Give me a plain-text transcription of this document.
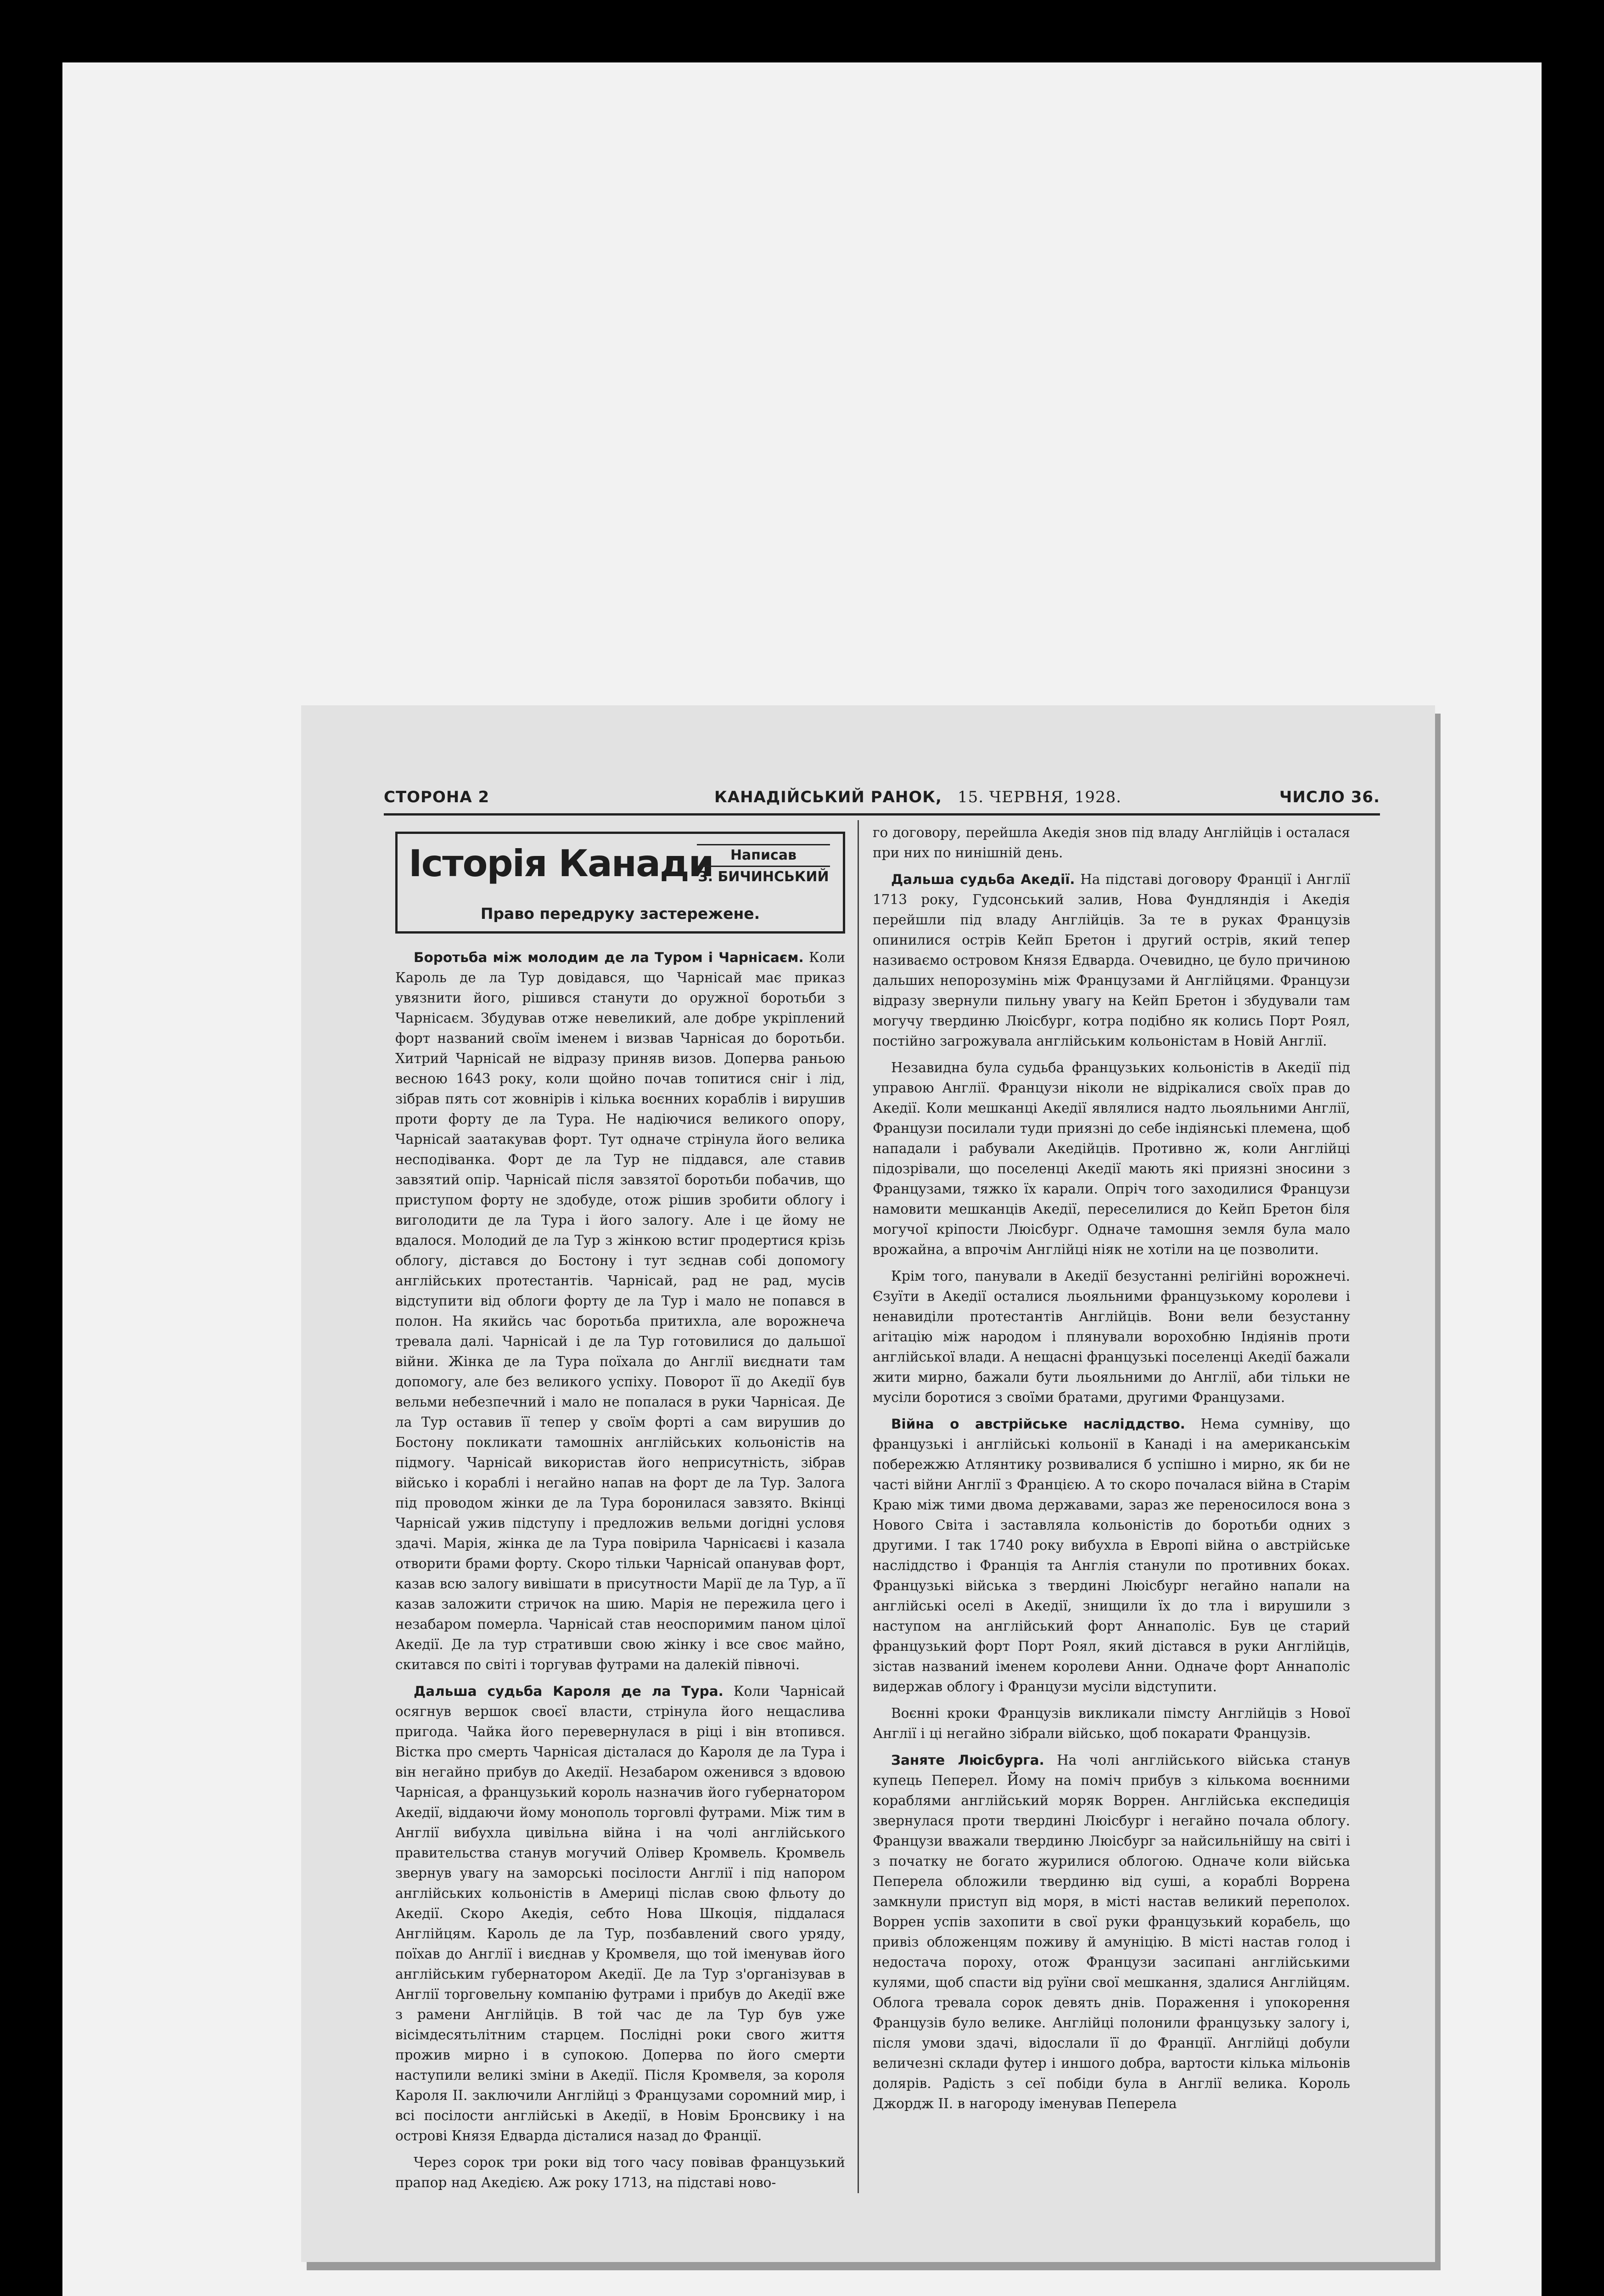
СТОРОНА 2	КАНАДІЙСЬКИЙ РАНОК, 15. ЧЕРВНЯ, 1928.	ЧИСЛО 36.
Історія Канади	Написав
З. БИЧИНСЬКИЙ
Право передруку застережене.

Боротьба між молодим де ла Туром і Чарнісаєм. Коли Кароль де ла Тур довідався, що Чарнісай має приказ увязнити його, рішився станути до оружної боротьби з Чарнісаєм. Збудував отже невеликий, але добре укріплений форт названий своїм іменем і визвав Чарнісая до боротьби. Хитрий Чарнісай не відразу приняв визов. Доперва раньою весною 1643 року, коли щойно почав топитися сніг і лід, зібрав пять сот жовнірів і кілька воєнних кораблів і вирушив проти форту де ла Тура. Не надіючися великого опору, Чарнісай заатакував форт. Тут одначе стрінула його велика несподіванка. Форт де ла Тур не піддався, але ставив завзятий опір. Чарнісай після завзятої боротьби побачив, що приступом форту не здобуде, отож рішив зробити облогу і виголодити де ла Тура і його залогу. Але і це йому не вдалося. Молодий де ла Тур з жінкою встиг продертися крізь облогу, дістався до Бостону і тут зєднав собі допомогу англійських протестантів. Чарнісай, рад не рад, мусів відступити від облоги форту де ла Тур і мало не попався в полон. На якийсь час боротьба притихла, але ворожнеча тревала далі. Чарнісай і де ла Тур готовилися до дальшої війни. Жінка де ла Тура поїхала до Англії виєднати там допомогу, але без великого успіху. Поворот її до Акедії був вельми небезпечний і мало не попалася в руки Чарнісая. Де ла Тур оставив її тепер у своїм форті а сам вирушив до Бостону покликати тамошніх англійських кольоністів на підмогу. Чарнісай використав його неприсутність, зібрав військо і кораблі і негайно напав на форт де ла Тур. Залога під проводом жінки де ла Тура боронилася завзято. Вкінці Чарнісай ужив підступу і предложив вельми догідні условя здачі. Марія, жінка де ла Тура повірила Чарнісаєві і казала отворити брами форту. Скоро тільки Чарнісай опанував форт, казав всю залогу вивішати в присутности Марії де ла Тур, а її казав заложити стричок на шию. Марія не пережила цего і незабаром померла. Чарнісай став неоспоримим паном цілої Акедії. Де ла тур стративши свою жінку і все своє майно, скитався по світі і торгував футрами на далекій півночі.

Дальша судьба Кароля де ла Тура. Коли Чарнісай осягнув вершок своєї власти, стрінула його нещаслива пригода. Чайка його перевернулася в ріці і він втопився. Вістка про смерть Чарнісая дісталася до Кароля де ла Тура і він негайно прибув до Акедії. Незабаром оженився з вдовою Чарнісая, а французький король назначив його губернатором Акедії, віддаючи йому монополь торговлі футрами. Між тим в Англії вибухла цивільна війна і на чолі англійського правительства станув могучий Олівер Кромвель. Кромвель звернув увагу на заморські посілости Англії і під напором англійських кольоністів в Америці післав свою фльоту до Акедії. Скоро Акедія, себто Нова Шкоція, піддалася Англійцям. Кароль де ла Тур, позбавлений свого уряду, поїхав до Англії і виєднав у Кромвеля, що той іменував його англійським губернатором Акедії. Де ла Тур з'організував в Англії торговельну компанію футрами і прибув до Акедії вже з рамени Англійців. В той час де ла Тур був уже вісімдесятьлітним старцем. Послідні роки свого життя прожив мирно і в супокою. Доперва по його смерти наступили великі зміни в Акедії. Після Кромвеля, за короля Кароля II. заключили Англійці з Французами соромний мир, і всі посілости англійські в Акедії, в Новім Бронсвику і на острові Князя Едварда дісталися назад до Франції.

Через сорок три роки від того часу повівав французький прапор над Акедією. Аж року 1713, на підставі ново-

го договору, перейшла Акедія знов під владу Англійців і осталася при них по нинішній день.

Дальша судьба Акедії. На підставі договору Франції і Англії 1713 року, Гудсонський залив, Нова Фундляндія і Акедія перейшли під владу Англійців. За те в руках Французів опинилися острів Кейп Бретон і другий острів, який тепер називаємо островом Князя Едварда. Очевидно, це було причиною дальших непорозумінь між Французами й Англійцями. Французи відразу звернули пильну увагу на Кейп Бретон і збудували там могучу твердиню Люісбург, котра подібно як колись Порт Роял, постійно загрожувала англійським кольоністам в Новій Англії.

Незавидна була судьба французьких кольоністів в Акедії під управою Англії. Французи ніколи не відрікалися своїх прав до Акедії. Коли мешканці Акедії являлися надто льояльними Англії, Французи посилали туди приязні до себе індіянські племена, щоб нападали і рабували Акедійців. Противно ж, коли Англійці підозрівали, що поселенці Акедії мають які приязні зносини з Французами, тяжко їх карали. Опріч того заходилися Французи намовити мешканців Акедії, переселилися до Кейп Бретон біля могучої кріпости Люісбург. Одначе тамошня земля була мало врожайна, а впрочім Англійці ніяк не хотіли на це позволити.

Крім того, панували в Акедії безустанні релігійні ворожнечі. Єзуїти в Акедії осталися льояльними французькому королеви і ненавиділи протестантів Англійців. Вони вели безустанну агітацію між народом і плянували ворохобню Індіянів проти англійської влади. А нещасні французькі поселенці Акедії бажали жити мирно, бажали бути льояльними до Англії, аби тільки не мусіли боротися з своїми братами, другими Французами.

Війна о австрійське насліддство. Нема сумніву, що французькі і англійські кольонії в Канаді і на американськім побережжю Атлянтику розвивалися б успішно і мирно, як би не часті війни Англії з Францією. А то скоро почалася війна в Старім Краю між тими двома державами, зараз же переносилося вона з Нового Світа і заставляла кольоністів до боротьби одних з другими. І так 1740 року вибухла в Европі війна о австрійське насліддство і Франція та Англія станули по противних боках. Французькі війська з твердині Люісбург негайно напали на англійські оселі в Акедії, знищили їх до тла і вирушили з наступом на англійський форт Аннаполіс. Був це старий французький форт Порт Роял, який дістався в руки Англійців, зістав названий іменем королеви Анни. Одначе форт Аннаполіс видержав облогу і Французи мусіли відступити.

Воєнні кроки Французів викликали пімсту Англійців з Нової Англії і ці негайно зібрали військо, щоб покарати Французів.

Заняте Люісбурга. На чолі англійського війська станув купець Пеперел. Йому на поміч прибув з кількома воєнними кораблями англійський моряк Воррен. Англійська експедиція звернулася проти твердині Люісбург і негайно почала облогу. Французи вважали твердиню Люісбург за найсильнійшу на світі і з початку не богато журилися облогою. Одначе коли війська Пеперела обложили твердиню від суші, а кораблі Воррена замкнули приступ від моря, в місті настав великий переполох. Воррен успів захопити в свої руки французький корабель, що привіз обложенцям поживу й амуніцію. В місті настав голод і недостача пороху, отож Французи засипані англійськими кулями, щоб спасти від руїни свої мешкання, здалися Англійцям. Облога тревала сорок девять днів. Пораження і упокорення Французів було велике. Англійці полонили французьку залогу і, після умови здачі, відослали її до Франції. Англійці добули величезні склади футер і иншого добра, вартости кілька мільонів долярів. Радість з сеї побіди була в Англії велика. Король Джордж II. в нагороду іменував Пеперела
